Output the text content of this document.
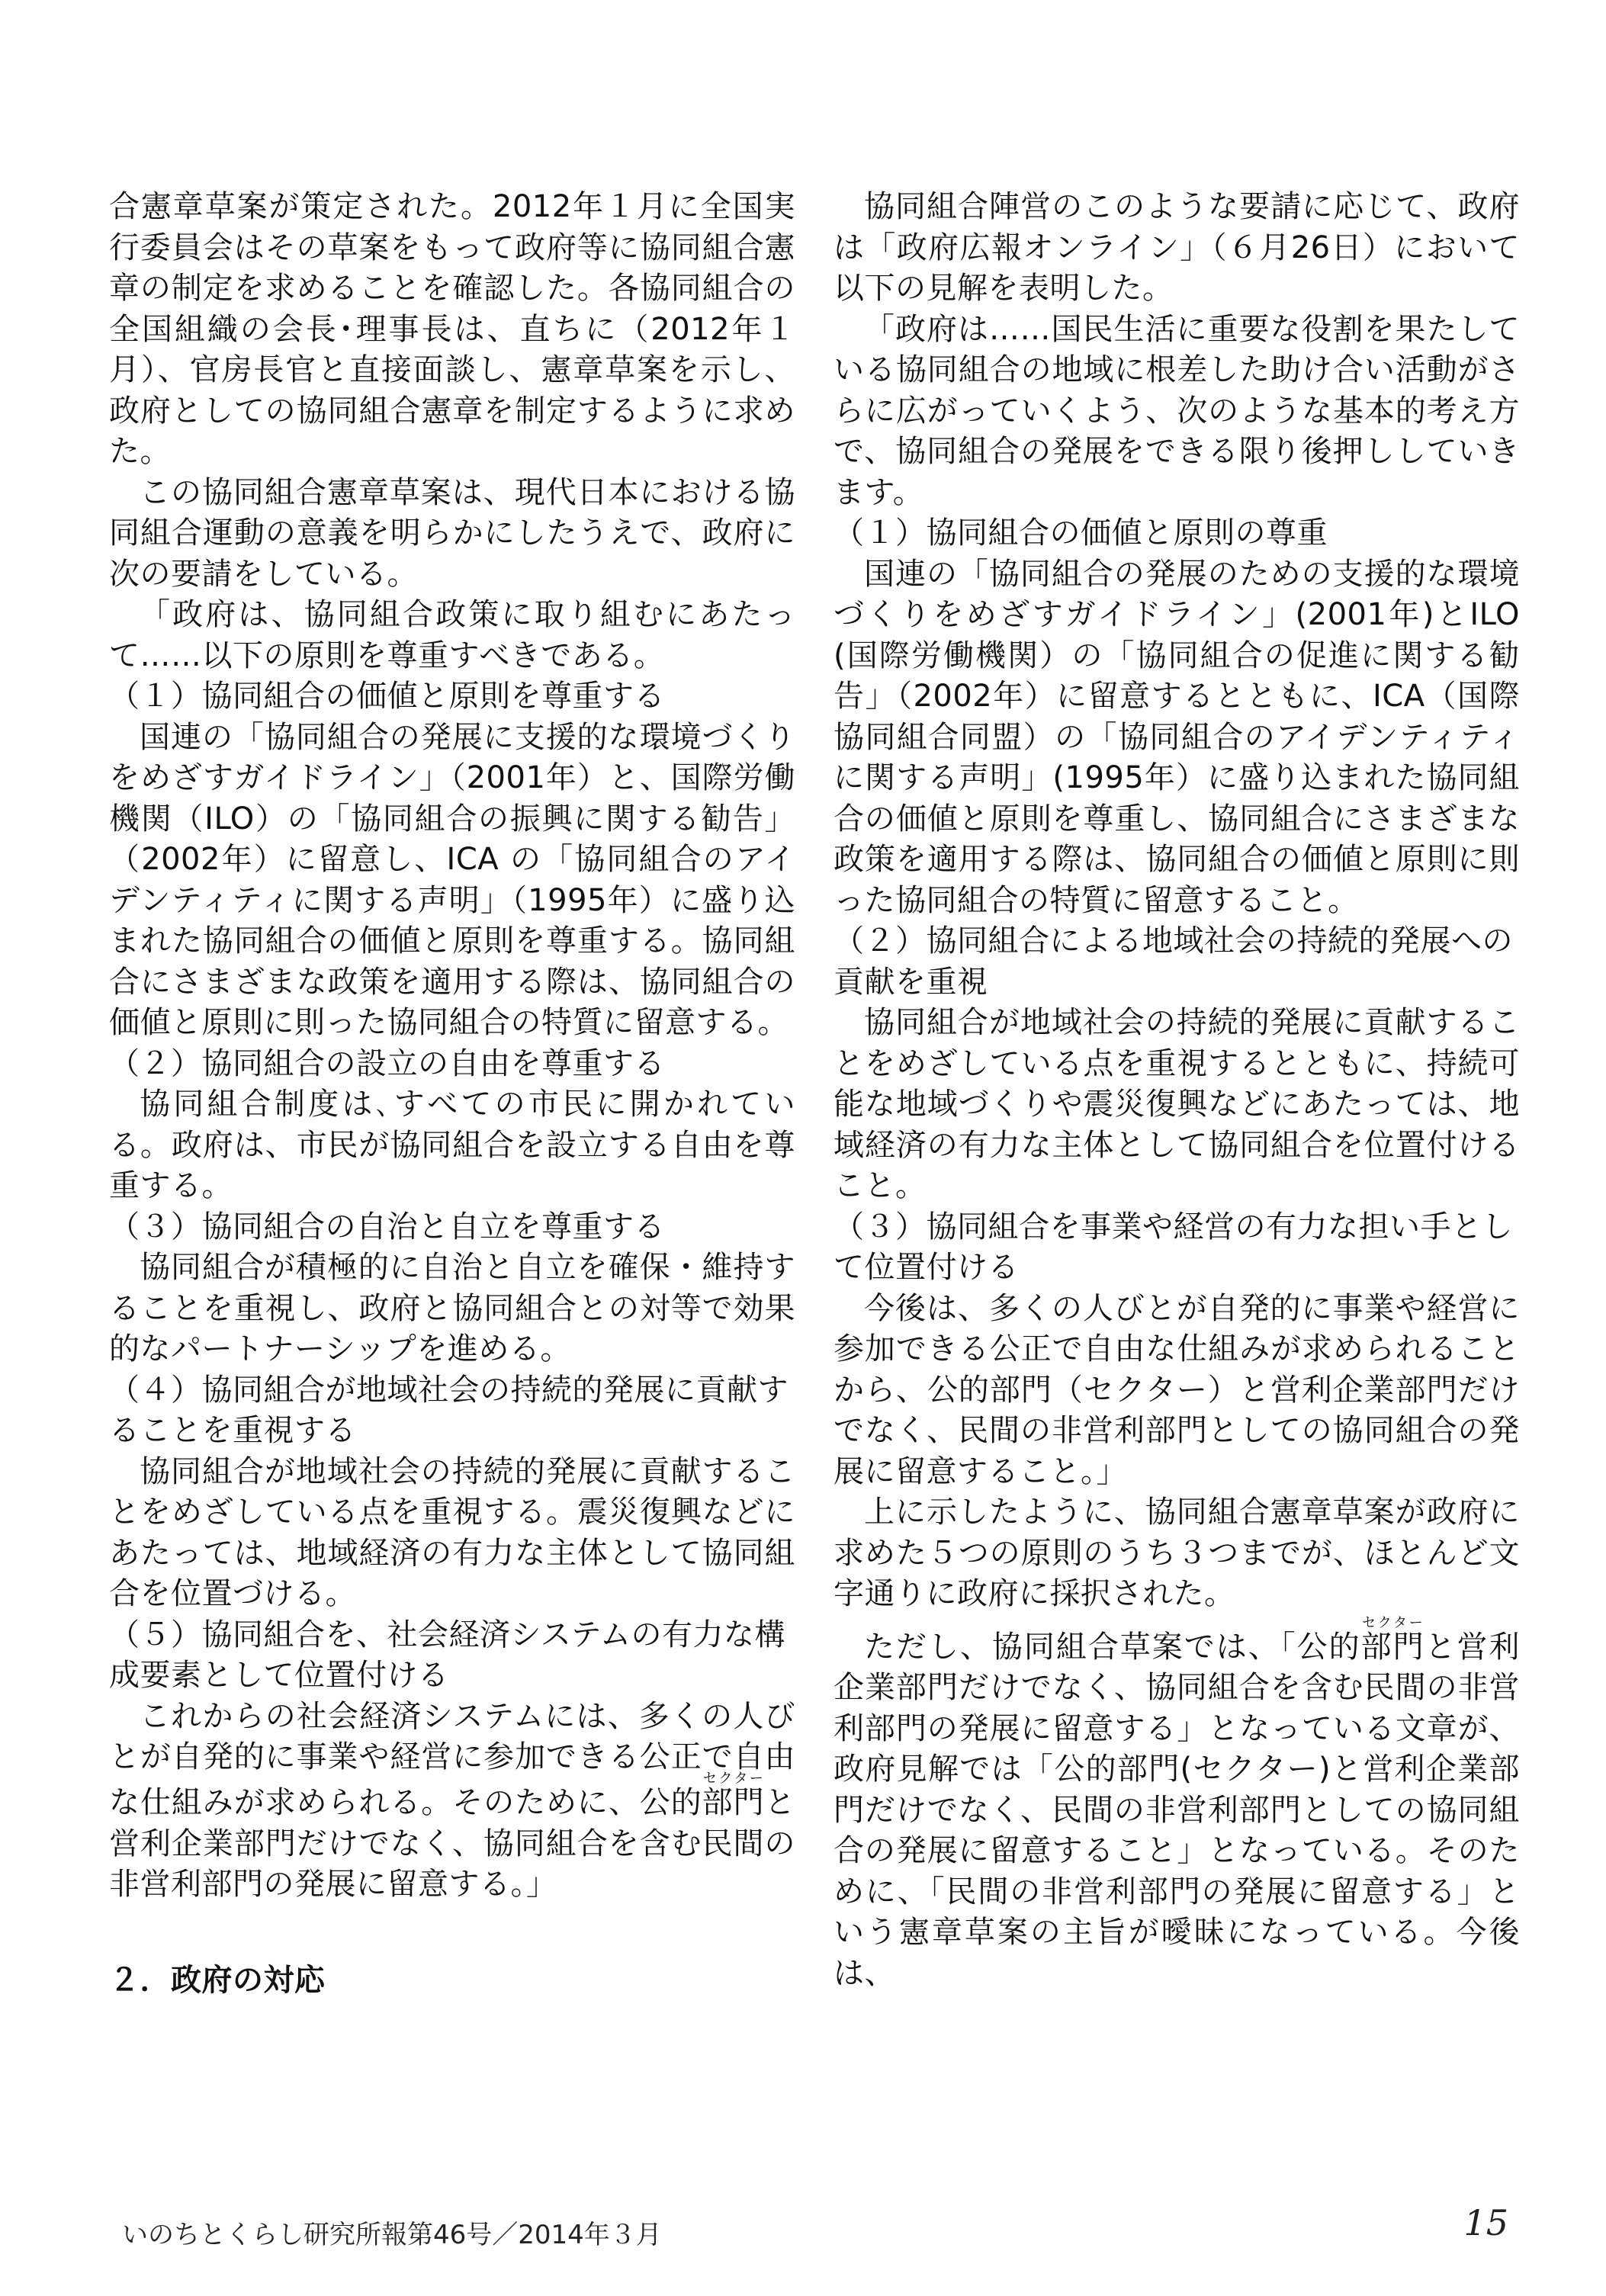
合憲章草案が策定された。2012年１月に全国実行委員会はその草案をもって政府等に協同組合憲章の制定を求めることを確認した。各協同組合の全国組織の会長･理事長は、直ちに（2012年１月）、官房長官と直接面談し、憲章草案を示し、政府としての協同組合憲章を制定するように求めた。

この協同組合憲章草案は、現代日本における協同組合運動の意義を明らかにしたうえで、政府に次の要請をしている。

「政府は、協同組合政策に取り組むにあたって……以下の原則を尊重すべきである。

（１）協同組合の価値と原則を尊重する

国連の「協同組合の発展に支援的な環境づくりをめざすガイドライン」（2001年）と、国際労働機関（ILO）の「協同組合の振興に関する勧告」（2002年）に留意し、ICA の「協同組合のアイデンティティに関する声明」（1995年）に盛り込まれた協同組合の価値と原則を尊重する。協同組合にさまざまな政策を適用する際は、協同組合の価値と原則に則った協同組合の特質に留意する。

（２）協同組合の設立の自由を尊重する

協同組合制度は､すべての市民に開かれている。政府は、市民が協同組合を設立する自由を尊重する。

（３）協同組合の自治と自立を尊重する

協同組合が積極的に自治と自立を確保・維持することを重視し、政府と協同組合との対等で効果的なパートナーシップを進める。

（４）協同組合が地域社会の持続的発展に貢献することを重視する

協同組合が地域社会の持続的発展に貢献することをめざしている点を重視する。震災復興などにあたっては、地域経済の有力な主体として協同組合を位置づける。

（５）協同組合を、社会経済システムの有力な構成要素として位置付ける

これからの社会経済システムには、多くの人びとが自発的に事業や経営に参加できる公正で自由な仕組みが求められる。そのために、公的部門セクターと営利企業部門だけでなく、協同組合を含む民間の非営利部門の発展に留意する。」

２．政府の対応

協同組合陣営のこのような要請に応じて、政府は「政府広報オンライン」（６月26日）において以下の見解を表明した。

「政府は……国民生活に重要な役割を果たしている協同組合の地域に根差した助け合い活動がさらに広がっていくよう、次のような基本的考え方で、協同組合の発展をできる限り後押ししていきます。

（１）協同組合の価値と原則の尊重

国連の「協同組合の発展のための支援的な環境づくりをめざすガイドライン」(2001年)とILO(国際労働機関）の「協同組合の促進に関する勧告」（2002年）に留意するとともに、ICA（国際協同組合同盟）の「協同組合のアイデンティティに関する声明」(1995年）に盛り込まれた協同組合の価値と原則を尊重し、協同組合にさまざまな政策を適用する際は、協同組合の価値と原則に則った協同組合の特質に留意すること。

（２）協同組合による地域社会の持続的発展への貢献を重視

協同組合が地域社会の持続的発展に貢献することをめざしている点を重視するとともに、持続可能な地域づくりや震災復興などにあたっては、地域経済の有力な主体として協同組合を位置付けること。

（３）協同組合を事業や経営の有力な担い手として位置付ける

今後は、多くの人びとが自発的に事業や経営に参加できる公正で自由な仕組みが求められることから、公的部門（セクター）と営利企業部門だけでなく、民間の非営利部門としての協同組合の発展に留意すること。」

上に示したように、協同組合憲章草案が政府に求めた５つの原則のうち３つまでが、ほとんど文字通りに政府に採択された。

ただし、協同組合草案では、「公的部門セクターと営利企業部門だけでなく、協同組合を含む民間の非営利部門の発展に留意する」となっている文章が、政府見解では「公的部門(セクター)と営利企業部門だけでなく、民間の非営利部門としての協同組合の発展に留意すること」となっている。そのために、「民間の非営利部門の発展に留意する」という憲章草案の主旨が曖昧になっている。今後は、

いのちとくらし研究所報第46号／2014年３月	15
